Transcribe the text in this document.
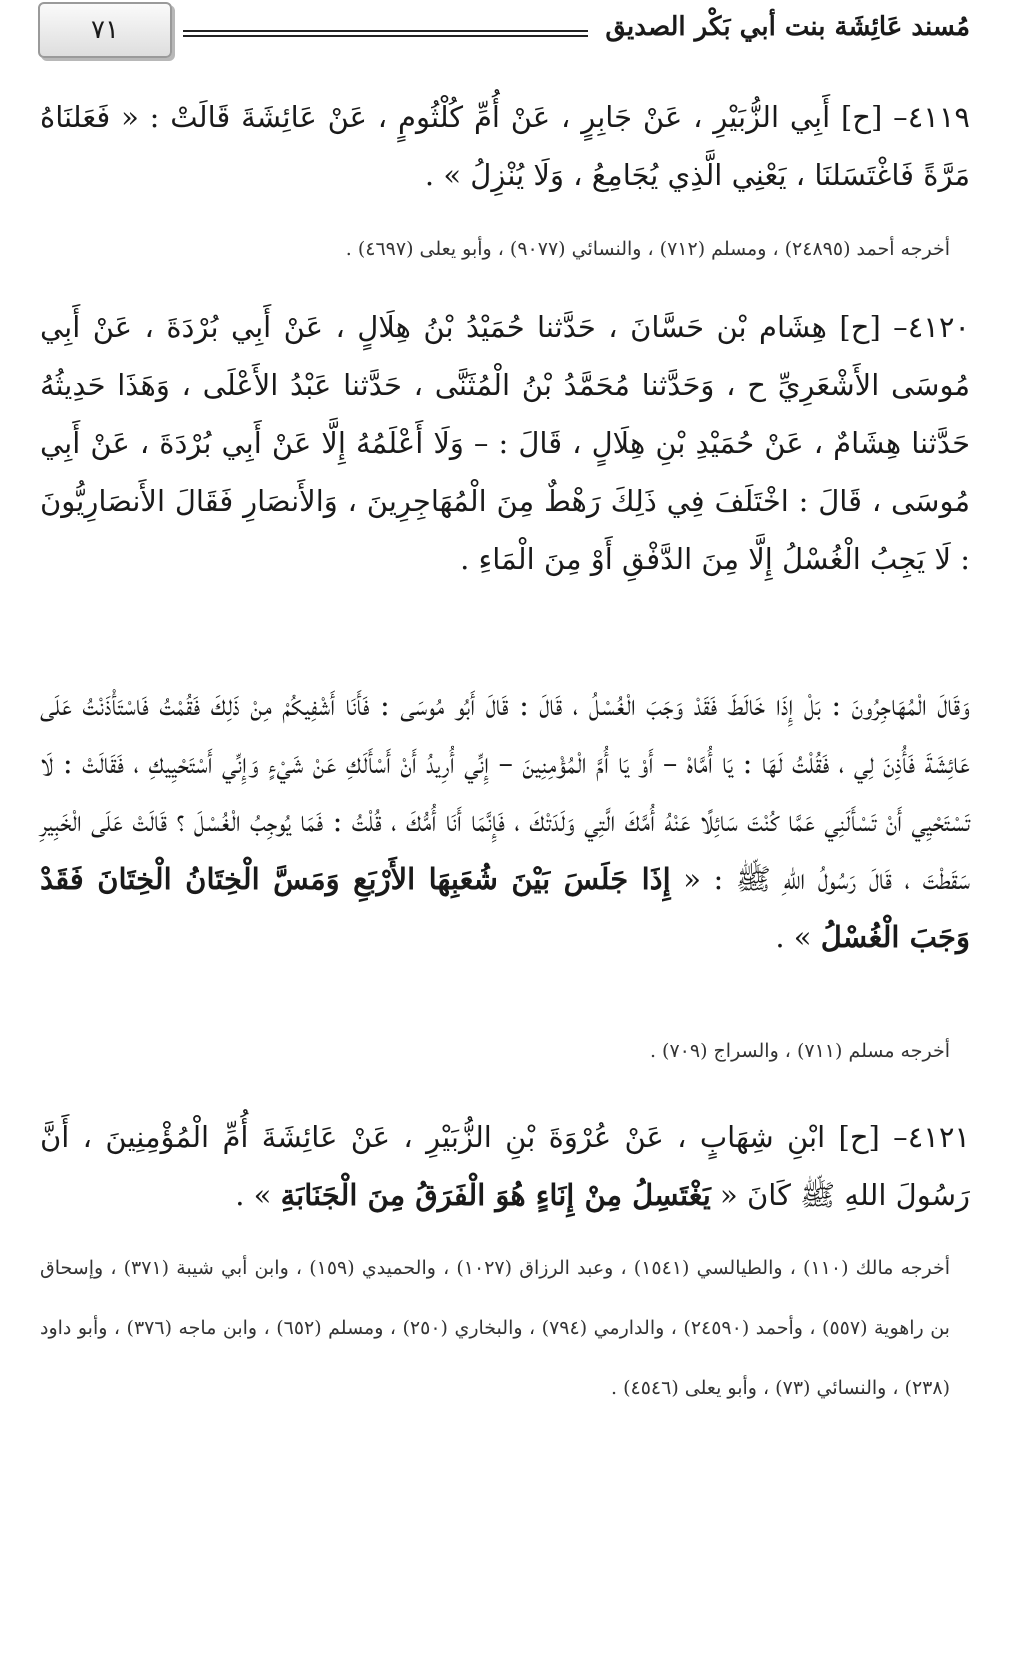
٧١	مُسند عَائِشَة بنت أبي بَكْر الصديق
٤١١٩– [ح] أَبِي الزُّبَيْرِ ، عَنْ جَابِرٍ ، عَنْ أُمِّ كُلْثُومٍ ، عَنْ عَائِشَةَ قَالَتْ : « فَعَلنَاهُ مَرَّةً فَاغْتَسَلنَا ، يَعْنِي الَّذِي يُجَامِعُ ، وَلَا يُنْزِلُ » .
أخرجه أحمد (٢٤٨٩٥) ، ومسلم (٧١٢) ، والنسائي (٩٠٧٧) ، وأبو يعلى (٤٦٩٧) .
٤١٢٠– [ح] هِشَام بْن حَسَّانَ ، حَدَّثنا حُمَيْدُ بْنُ هِلَالٍ ، عَنْ أَبِي بُرْدَةَ ، عَنْ أَبِي مُوسَى الأَشْعَرِيِّ ح ، وَحَدَّثنا مُحَمَّدُ بْنُ الْمُثَنَّى ، حَدَّثنا عَبْدُ الأَعْلَى ، وَهَذَا حَدِيثُهُ حَدَّثنا هِشَامٌ ، عَنْ حُمَيْدِ بْنِ هِلَالٍ ، قَالَ : – وَلَا أَعْلَمُهُ إِلَّا عَنْ أَبِي بُرْدَةَ ، عَنْ أَبِي مُوسَى ، قَالَ : اخْتَلَفَ فِي ذَلِكَ رَهْطٌ مِنَ الْمُهَاجِرِينَ ، وَالأَنصَارِ فَقَالَ الأَنصَارِيُّونَ : لَا يَجِبُ الْغُسْلُ إِلَّا مِنَ الدَّفْقِ أَوْ مِنَ الْمَاءِ .
وَقَالَ الْمُهَاجِرُونَ : بَلْ إِذَا خَالَطَ فَقَدْ وَجَبَ الْغُسْلُ ، قَالَ : قَالَ أَبُو مُوسَى : فَأَنَا أَشْفِيكُمْ مِنْ ذَلِكَ فَقُمْتُ فَاسْتَأْذَنْتُ عَلَى عَائِشَةَ فَأُذِنَ لِي ، فَقُلْتُ لَهَا : يَا أُمَّاهْ – أَوْ يَا أُمَّ الْمُؤْمِنِينَ – إِنِّي أُرِيدُ أَنْ أَسْأَلَكِ عَنْ شَيْءٍ وَإِنِّي أَسْتَحْيِيكِ ، فَقَالَتْ : لَا تَسْتَحْيِي أَنْ تَسْأَلَنِي عَمَّا كُنْتَ سَائِلًا عَنْهُ أُمَّكَ الَّتِي وَلَدَتْكَ ، فَإِنَّمَا أَنَا أُمُّكَ ، قُلْتُ : فَمَا يُوجِبُ الْغُسْلَ ؟ قَالَتْ عَلَى الْخَبِيرِ سَقَطْتَ ، قَالَ رَسُولُ اللهِ ﷺ : « إِذَا جَلَسَ بَيْنَ شُعَبِهَا الأَرْبَعِ وَمَسَّ الْخِتَانُ الْخِتَانَ فَقَدْ وَجَبَ الْغُسْلُ » .
أخرجه مسلم (٧١١) ، والسراج (٧٠٩) .
٤١٢١– [ح] ابْنِ شِهَابٍ ، عَنْ عُرْوَةَ بْنِ الزُّبَيْرِ ، عَنْ عَائِشَةَ أُمِّ الْمُؤْمِنِينَ ، أَنَّ رَسُولَ اللهِ ﷺ كَانَ « يَغْتَسِلُ مِنْ إِنَاءٍ هُوَ الْفَرَقُ مِنَ الْجَنَابَةِ » .
أخرجه مالك (١١٠) ، والطيالسي (١٥٤١) ، وعبد الرزاق (١٠٢٧) ، والحميدي (١٥٩) ، وابن أبي شيبة (٣٧١) ، وإسحاق بن راهوية (٥٥٧) ، وأحمد (٢٤٥٩٠) ، والدارمي (٧٩٤) ، والبخاري (٢٥٠) ، ومسلم (٦٥٢) ، وابن ماجه (٣٧٦) ، وأبو داود (٢٣٨) ، والنسائي (٧٣) ، وأبو يعلى (٤٥٤٦) .
